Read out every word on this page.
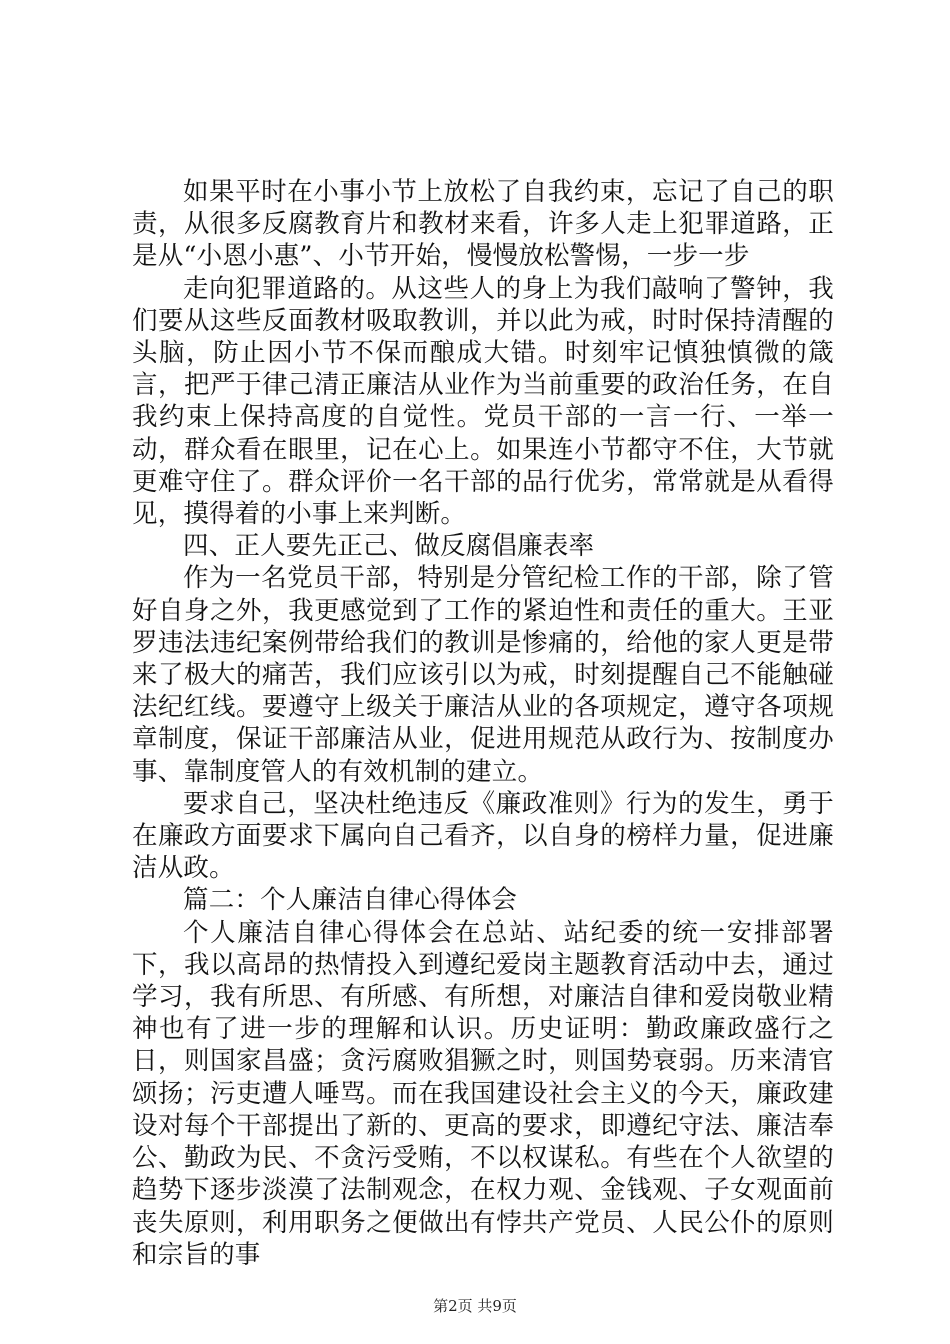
如果平时在小事小节上放松了自我约束，忘记了自己的职责，从很多反腐教育片和教材来看，许多人走上犯罪道路，正是从“小恩小惠”、小节开始，慢慢放松警惕，一步一步

走向犯罪道路的。从这些人的身上为我们敲响了警钟，我们要从这些反面教材吸取教训，并以此为戒，时时保持清醒的头脑，防止因小节不保而酿成大错。时刻牢记慎独慎微的箴言，把严于律己清正廉洁从业作为当前重要的政治任务，在自我约束上保持高度的自觉性。党员干部的一言一行、一举一动，群众看在眼里，记在心上。如果连小节都守不住，大节就更难守住了。群众评价一名干部的品行优劣，常常就是从看得见，摸得着的小事上来判断。

四、正人要先正己、做反腐倡廉表率

作为一名党员干部，特别是分管纪检工作的干部，除了管好自身之外，我更感觉到了工作的紧迫性和责任的重大。王亚罗违法违纪案例带给我们的教训是惨痛的，给他的家人更是带来了极大的痛苦，我们应该引以为戒，时刻提醒自己不能触碰法纪红线。要遵守上级关于廉洁从业的各项规定，遵守各项规章制度，保证干部廉洁从业，促进用规范从政行为、按制度办事、靠制度管人的有效机制的建立。

要求自己，坚决杜绝违反《廉政准则》行为的发生，勇于在廉政方面要求下属向自己看齐，以自身的榜样力量，促进廉洁从政。

篇二：个人廉洁自律心得体会

个人廉洁自律心得体会在总站、站纪委的统一安排部署下，我以高昂的热情投入到遵纪爱岗主题教育活动中去，通过学习，我有所思、有所感、有所想，对廉洁自律和爱岗敬业精神也有了进一步的理解和认识。历史证明：勤政廉政盛行之日，则国家昌盛；贪污腐败猖獗之时，则国势衰弱。历来清官颂扬；污吏遭人唾骂。而在我国建设社会主义的今天，廉政建设对每个干部提出了新的、更高的要求，即遵纪守法、廉洁奉公、勤政为民、不贪污受贿，不以权谋私。有些在个人欲望的趋势下逐步淡漠了法制观念，在权力观、金钱观、子女观面前丧失原则，利用职务之便做出有悖共产党员、人民公仆的原则和宗旨的事

第2页 共9页
